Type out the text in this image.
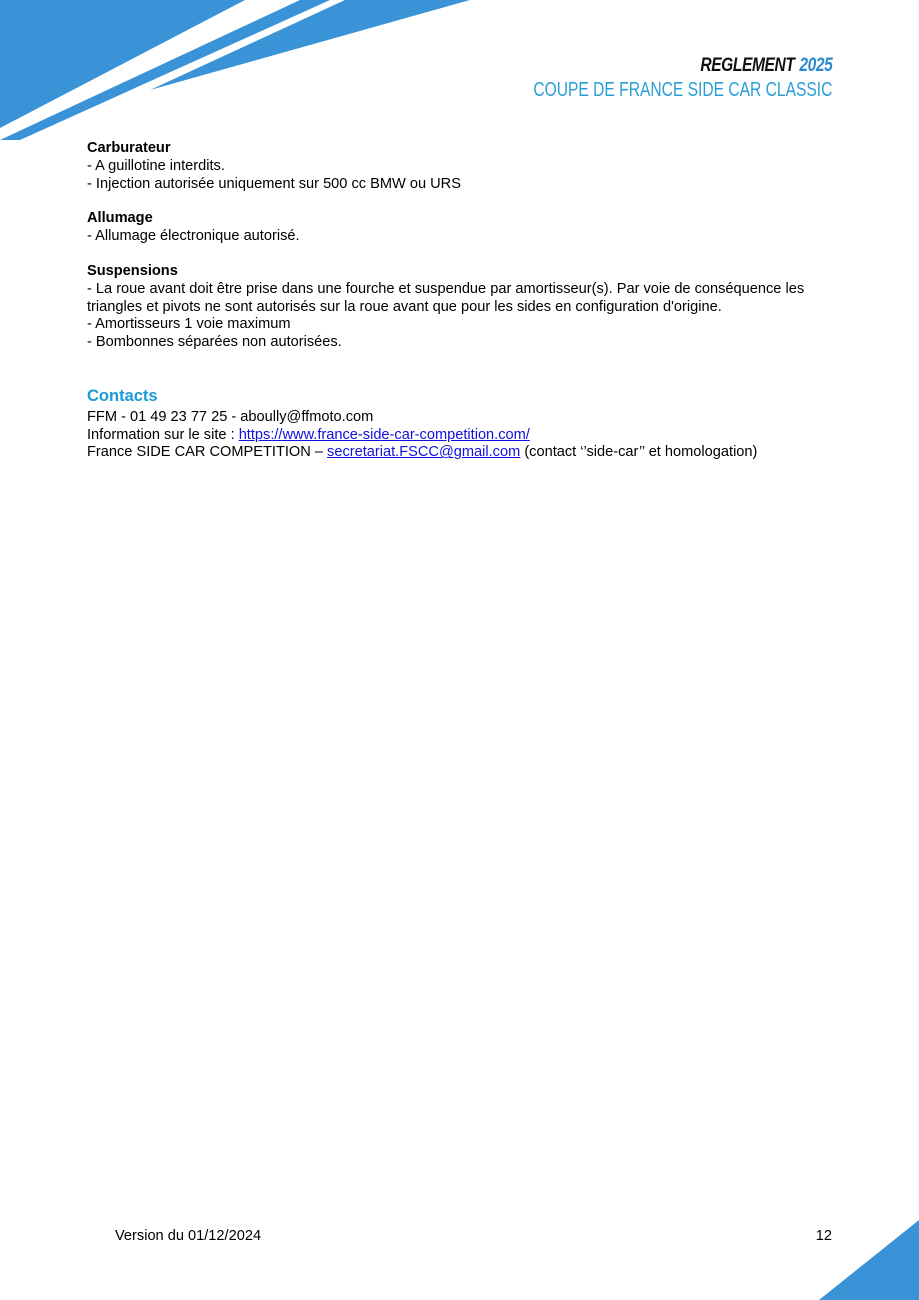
REGLEMENT 2025
COUPE DE FRANCE SIDE CAR CLASSIC
Carburateur

- A guillotine interdits.

- Injection autorisée uniquement sur 500 cc BMW ou URS

Allumage

- Allumage électronique autorisé.

Suspensions

- La roue avant doit être prise dans une fourche et suspendue par amortisseur(s). Par voie de conséquence les triangles et pivots ne sont autorisés sur la roue avant que pour les sides en configuration d'origine.

- Amortisseurs 1 voie maximum

- Bombonnes séparées non autorisées.

Contacts

FFM - 01 49 23 77 25 - aboully@ffmoto.com

Information sur le site : https://www.france-side-car-competition.com/

France SIDE CAR COMPETITION – secretariat.FSCC@gmail.com (contact ‘’side-car’’ et homologation)

Version du 01/12/2024	12
